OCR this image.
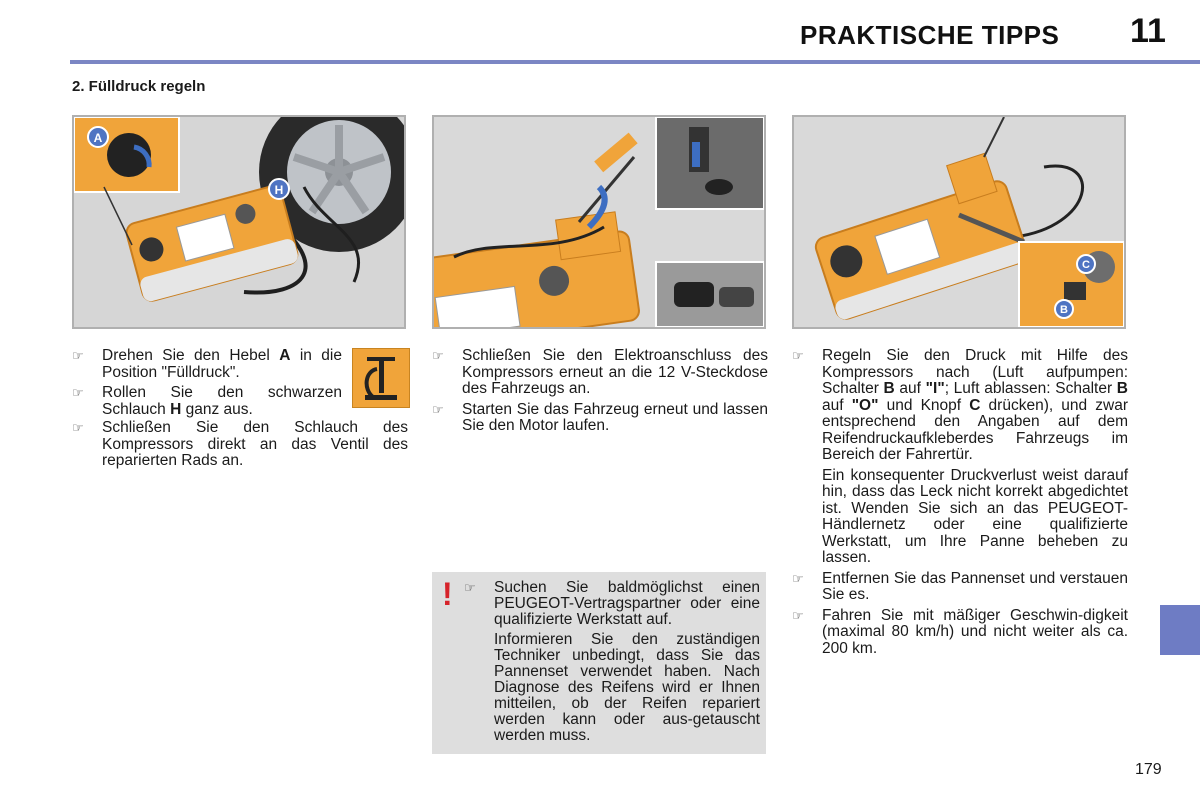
PRAKTISCHE TIPPS 11
2. Fülldruck regeln
A
H
C
B
☞	Drehen Sie den Hebel A in die Position "Fülldruck".
☞	Rollen Sie den schwarzen Schlauch H ganz aus.
☞	Schließen Sie den Schlauch des Kompressors direkt an das Ventil des reparierten Rads an.
☞	Schließen Sie den Elektroanschluss des Kompressors erneut an die 12 V-Steckdose des Fahrzeugs an.
☞	Starten Sie das Fahrzeug erneut und lassen Sie den Motor laufen.
! ☞	Suchen Sie baldmöglichst einen PEUGEOT-Vertragspartner oder eine qualifizierte Werkstatt auf.
Informieren Sie den zuständigen Techniker unbedingt, dass Sie das Pannenset verwendet haben. Nach Diagnose des Reifens wird er Ihnen mitteilen, ob der Reifen repariert werden kann oder aus-getauscht werden muss.
☞	Regeln Sie den Druck mit Hilfe des Kompressors nach (Luft aufpumpen: Schalter B auf "I"; Luft ablassen: Schalter B auf "O" und Knopf C drücken), und zwar entsprechend den Angaben auf dem Reifendruckaufkleberdes Fahrzeugs im Bereich der Fahrertür.
Ein konsequenter Druckverlust weist darauf hin, dass das Leck nicht korrekt abgedichtet ist. Wenden Sie sich an das PEUGEOT-Händlernetz oder eine qualifizierte Werkstatt, um Ihre Panne beheben zu lassen.
☞	Entfernen Sie das Pannenset und verstauen Sie es.
☞	Fahren Sie mit mäßiger Geschwin-digkeit (maximal 80 km/h) und nicht weiter als ca. 200 km.
179
